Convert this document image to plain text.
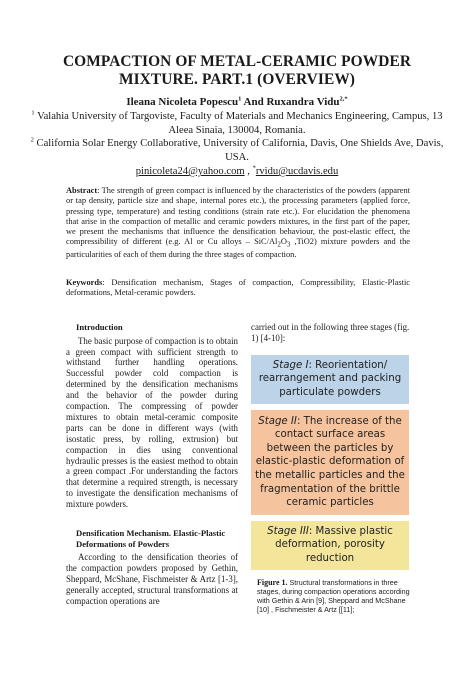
COMPACTION OF METAL-CERAMIC POWDER
MIXTURE. PART.1 (OVERVIEW)
Ileana Nicoleta Popescu$^1$ And Ruxandra Vidu$^{2,*}$
$^1$ Valahia University of Targoviste, Faculty of Materials and Mechanics Engineering, Campus, 13 Aleea Sinaia, 130004, Romania.
$^2$ California Solar Energy Collaborative, University of California, Davis, One Shields Ave, Davis, USA.
pinicoleta24@yahoo.com , *rvidu@ucdavis.edu
Abstract: The strength of green compact is influenced by the characteristics of the powders (apparent or tap density, particle size and shape, internal pores etc.), the processing parameters (applied force, pressing type, temperature) and testing conditions (strain rate etc.). For elucidation the phenomena that arise in the compaction of metallic and ceramic powders mixtures, in the first part of the paper, we present the mechanisms that influence the densification behaviour, the post-elastic effect, the compressibility of different (e.g. Al or Cu alloys – SiC/$Al_2O_3$ ,TiO2) mixture powders and the particularities of each of them during the three stages of compaction.
Keywords: Densification mechanism, Stages of compaction, Compressibility, Elastic-Plastic deformations, Metal-ceramic powders.
Introduction

The basic purpose of compaction is to obtain a green compact with sufficient strength to withstand further handling operations. Successful powder cold compaction is determined by the densification mechanisms and the behavior of the powder during compaction. The compressing of powder mixtures to obtain metal-ceramic composite parts can be done in different ways (with isostatic press, by rolling, extrusion) but compaction in dies using conventional hydraulic presses is the easiest method to obtain a green compact .For understanding the factors that determine a required strength, is necessary to investigate the densification mechanisms of mixture powders.

Densification Mechanism. Elastic-Plastic Deformations of Powders

According to the densification theories of the compaction powders proposed by Gethin, Sheppard, McShane, Fischmeister & Artz [1-3], generally accepted, structural transformations at compaction operations are

carried out in the following three stages (fig. 1) [4-10]:
Stage I: Reorientation/ rearrangement and packing particulate powders
Stage II: The increase of the contact surface areas between the particles by elastic-plastic deformation of the metallic particles and the fragmentation of the brittle ceramic particles
Stage III: Massive plastic deformation, porosity reduction
Figure 1. Structural transformations in three stages, during compaction operations according with Gethin & Arin [9], Sheppard and McShane [10] , Fischmeister & Artz [[11];
